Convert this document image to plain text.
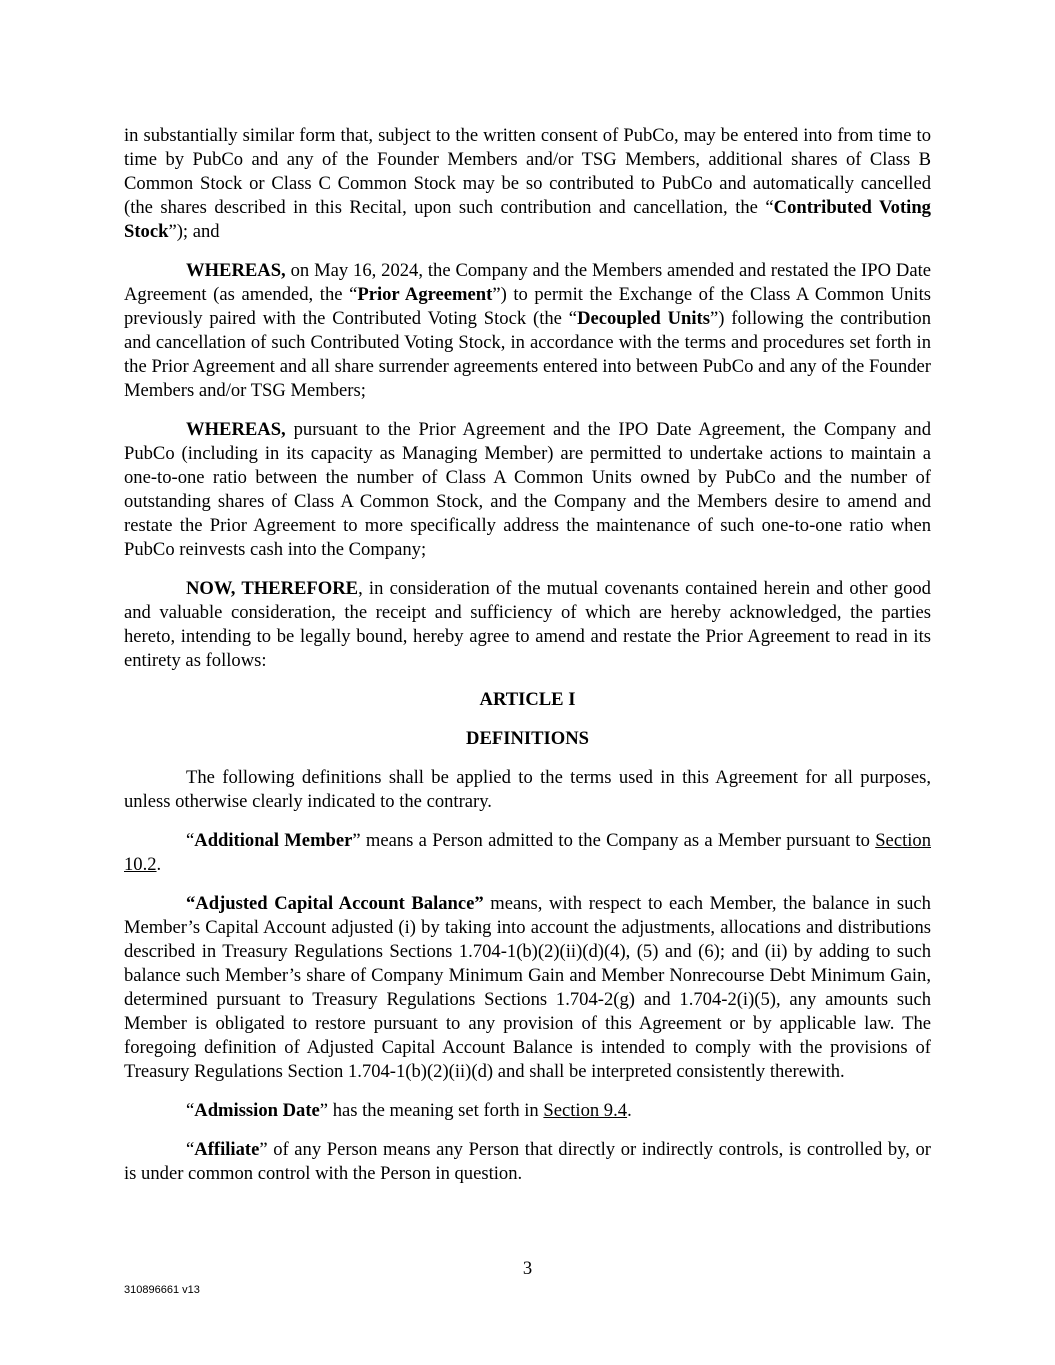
in substantially similar form that, subject to the written consent of PubCo, may be entered into from time to time by PubCo and any of the Founder Members and/or TSG Members, additional shares of Class B Common Stock or Class C Common Stock may be so contributed to PubCo and automatically cancelled (the shares described in this Recital, upon such contribution and cancellation, the “Contributed Voting Stock”); and

WHEREAS, on May 16, 2024, the Company and the Members amended and restated the IPO Date Agreement (as amended, the “Prior Agreement”) to permit the Exchange of the Class A Common Units previously paired with the Contributed Voting Stock (the “Decoupled Units”) following the contribution and cancellation of such Contributed Voting Stock, in accordance with the terms and procedures set forth in the Prior Agreement and all share surrender agreements entered into between PubCo and any of the Founder Members and/or TSG Members;

WHEREAS, pursuant to the Prior Agreement and the IPO Date Agreement, the Company and PubCo (including in its capacity as Managing Member) are permitted to undertake actions to maintain a one-to-one ratio between the number of Class A Common Units owned by PubCo and the number of outstanding shares of Class A Common Stock, and the Company and the Members desire to amend and restate the Prior Agreement to more specifically address the maintenance of such one-to-one ratio when PubCo reinvests cash into the Company;

NOW, THEREFORE, in consideration of the mutual covenants contained herein and other good and valuable consideration, the receipt and sufficiency of which are hereby acknowledged, the parties hereto, intending to be legally bound, hereby agree to amend and restate the Prior Agreement to read in its entirety as follows:

ARTICLE I
DEFINITIONS

The following definitions shall be applied to the terms used in this Agreement for all purposes, unless otherwise clearly indicated to the contrary.

“Additional Member” means a Person admitted to the Company as a Member pursuant to Section 10.2.

“Adjusted Capital Account Balance” means, with respect to each Member, the balance in such Member’s Capital Account adjusted (i) by taking into account the adjustments, allocations and distributions described in Treasury Regulations Sections 1.704-1(b)(2)(ii)(d)(4), (5) and (6); and (ii) by adding to such balance such Member’s share of Company Minimum Gain and Member Nonrecourse Debt Minimum Gain, determined pursuant to Treasury Regulations Sections 1.704-2(g) and 1.704-2(i)(5), any amounts such Member is obligated to restore pursuant to any provision of this Agreement or by applicable law. The foregoing definition of Adjusted Capital Account Balance is intended to comply with the provisions of Treasury Regulations Section 1.704-1(b)(2)(ii)(d) and shall be interpreted consistently therewith.

“Admission Date” has the meaning set forth in Section 9.4.

“Affiliate” of any Person means any Person that directly or indirectly controls, is controlled by, or is under common control with the Person in question.

3
310896661 v13
